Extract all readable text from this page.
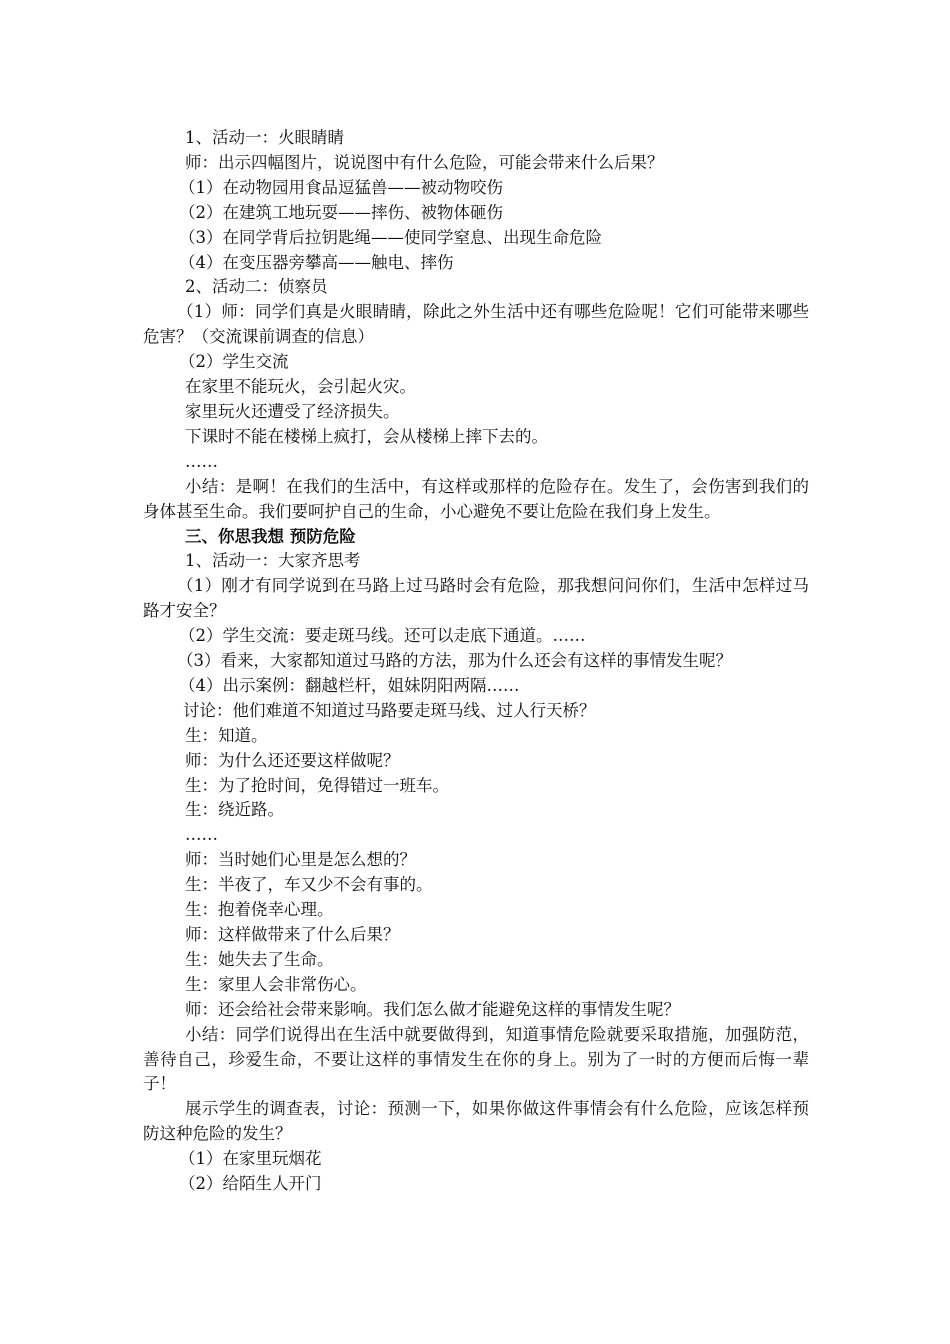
1、活动一：火眼睛睛

师：出示四幅图片，说说图中有什么危险，可能会带来什么后果？

（1）在动物园用食品逗猛兽——被动物咬伤

（2）在建筑工地玩耍——摔伤、被物体砸伤

（3）在同学背后拉钥匙绳——使同学窒息、出现生命危险

（4）在变压器旁攀高——触电、摔伤

2、活动二：侦察员

（1）师：同学们真是火眼睛睛，除此之外生活中还有哪些危险呢！它们可能带来哪些危害？（交流课前调查的信息）

（2）学生交流

在家里不能玩火，会引起火灾。

家里玩火还遭受了经济损失。

下课时不能在楼梯上疯打，会从楼梯上摔下去的。

……

小结：是啊！在我们的生活中，有这样或那样的危险存在。发生了，会伤害到我们的身体甚至生命。我们要呵护自己的生命，小心避免不要让危险在我们身上发生。

三、你思我想 预防危险

1、活动一：大家齐思考

（1）刚才有同学说到在马路上过马路时会有危险，那我想问问你们，生活中怎样过马路才安全？

（2）学生交流：要走斑马线。还可以走底下通道。……

（3）看来，大家都知道过马路的方法，那为什么还会有这样的事情发生呢？

（4）出示案例：翻越栏杆，姐妹阴阳两隔……

讨论：他们难道不知道过马路要走斑马线、过人行天桥？

生：知道。

师：为什么还还要这样做呢？

生：为了抢时间，免得错过一班车。

生：绕近路。

……

师：当时她们心里是怎么想的？

生：半夜了，车又少不会有事的。

生：抱着侥幸心理。

师：这样做带来了什么后果？

生：她失去了生命。

生：家里人会非常伤心。

师：还会给社会带来影响。我们怎么做才能避免这样的事情发生呢？

小结：同学们说得出在生活中就要做得到，知道事情危险就要采取措施，加强防范，善待自己，珍爱生命，不要让这样的事情发生在你的身上。别为了一时的方便而后悔一辈子！

展示学生的调查表，讨论：预测一下，如果你做这件事情会有什么危险，应该怎样预防这种危险的发生？

（1）在家里玩烟花

（2）给陌生人开门
